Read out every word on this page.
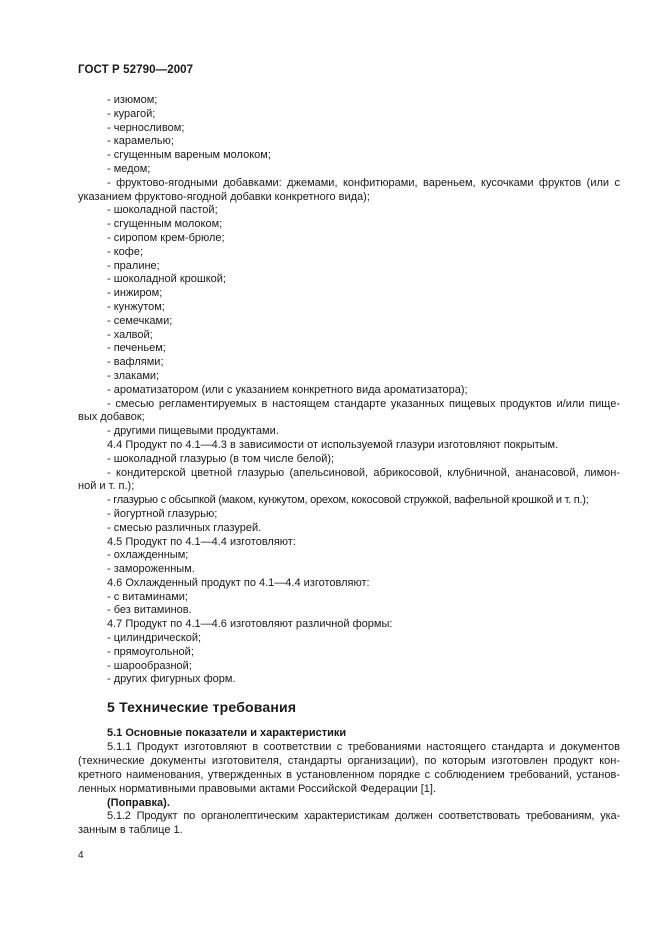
ГОСТ Р 52790—2007
- изюмом;
- курагой;
- черносливом;
- карамелью;
- сгущенным вареным молоком;
- медом;
- фруктово-ягодными добавками: джемами, конфитюрами, вареньем, кусочками фруктов (или с
указанием фруктово-ягодной добавки конкретного вида);
- шоколадной пастой;
- сгущенным молоком;
- сиропом крем-брюле;
- кофе;
- пралине;
- шоколадной крошкой;
- инжиром;
- кунжутом;
- семечками;
- халвой;
- печеньем;
- вафлями;
- злаками;
- ароматизатором (или с указанием конкретного вида ароматизатора);
- смесью регламентируемых в настоящем стандарте указанных пищевых продуктов и/или пище-
вых добавок;
- другими пищевыми продуктами.
4.4 Продукт по 4.1—4.3 в зависимости от используемой глазури изготовляют покрытым.
- шоколадной глазурью (в том числе белой);
- кондитерской цветной глазурью (апельсиновой, абрикосовой, клубничной, ананасовой, лимон-
ной и т. п.);
- глазурью с обсыпкой (маком, кунжутом, орехом, кокосовой стружкой, вафельной крошкой и т. п.);
- йогуртной глазурью;
- смесью различных глазурей.
4.5 Продукт по 4.1—4.4 изготовляют:
- охлажденным;
- замороженным.
4.6 Охлажденный продукт по 4.1—4.4 изготовляют:
- с витаминами;
- без витаминов.
4.7 Продукт по 4.1—4.6 изготовляют различной формы:
- цилиндрической;
- прямоугольной;
- шарообразной;
- других фигурных форм.
5 Технические требования
5.1 Основные показатели и характеристики
5.1.1 Продукт изготовляют в соответствии с требованиями настоящего стандарта и документов
(технические документы изготовителя, стандарты организации), по которым изготовлен продукт кон-
кретного наименования, утвержденных в установленном порядке с соблюдением требований, установ-
ленных нормативными правовыми актами Российской Федерации [1].
(Поправка).
5.1.2 Продукт по органолептическим характеристикам должен соответствовать требованиям, ука-
занным в таблице 1.
4
